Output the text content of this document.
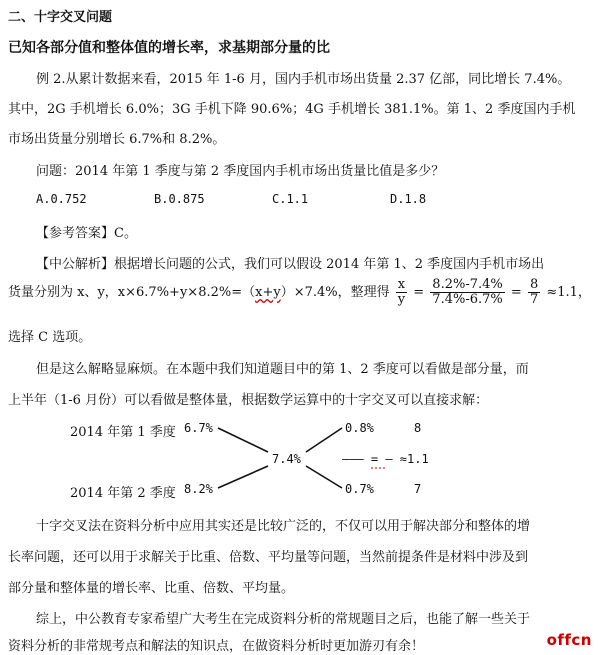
二、十字交叉问题
已知各部分值和整体值的增长率，求基期部分量的比
例 2.从累计数据来看，2015 年 1-6 月，国内手机市场出货量 2.37 亿部，同比增长 7.4%。
其中，2G 手机增长 6.0%；3G 手机下降 90.6%；4G 手机增长 381.1%。第 1、2 季度国内手机
市场出货量分别增长 6.7%和 8.2%。
问题：2014 年第 1 季度与第 2 季度国内手机市场出货量比值是多少？
A.0.752	B.0.875	C.1.1	D.1.8
【参考答案】C。
【中公解析】根据增长问题的公式，我们可以假设 2014 年第 1、2 季度国内手机市场出
货量分别为 x、y，x×6.7%+y×8.2%=（x+y）×7.4%，整理得 $\frac{x}{y} = \frac{8.2\%-7.4\%}{7.4\%-6.7\%} = \frac{8}{7} \approx 1.1$，
选择 C 选项。
但是这么解略显麻烦。在本题中我们知道题目中的第 1、2 季度可以看做是部分量，而
上半年（1-6 月份）可以看做是整体量，根据数学运算中的十字交叉可以直接求解：
2014 年第 1 季度 6.7%
2014 年第 2 季度 8.2%
7.4%
0.8%
0.7%
8
7
——— = — ≈1.1
十字交叉法在资料分析中应用其实还是比较广泛的，不仅可以用于解决部分和整体的增
长率问题，还可以用于求解关于比重、倍数、平均量等问题，当然前提条件是材料中涉及到
部分量和整体量的增长率、比重、倍数、平均量。
综上，中公教育专家希望广大考生在完成资料分析的常规题目之后，也能了解一些关于
资料分析的非常规考点和解法的知识点，在做资料分析时更加游刃有余！	offcn
